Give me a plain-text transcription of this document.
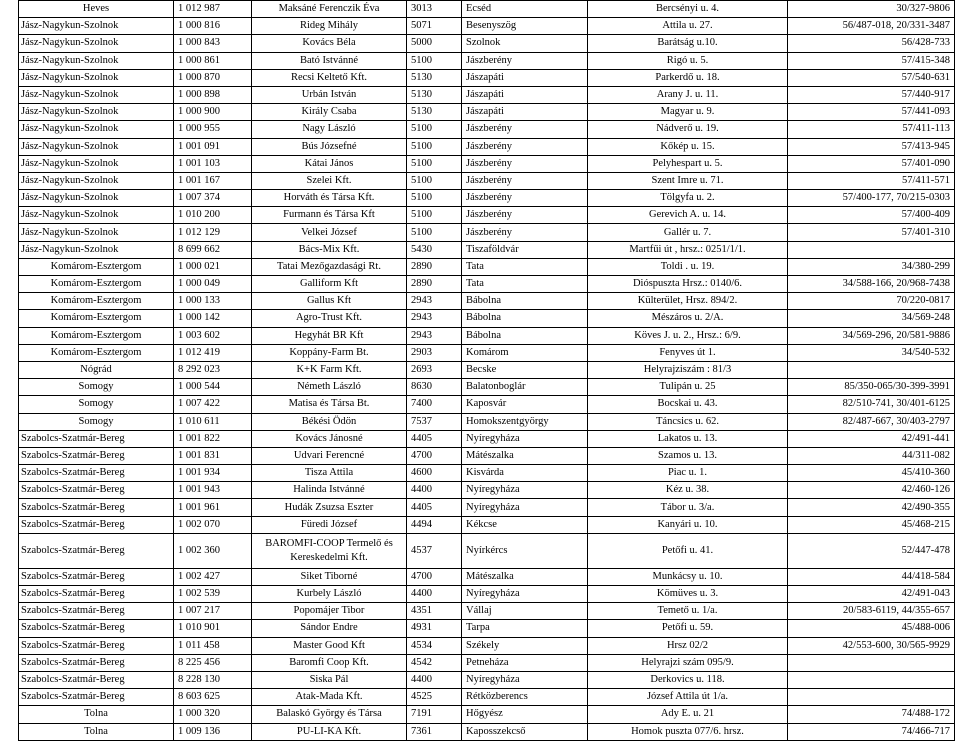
Heves	1 012 987	Maksáné Ferenczik Éva	3013	Ecséd	Bercsényi u. 4.	30/327-9806
Jász-Nagykun-Szolnok	1 000 816	Rideg Mihály	5071	Besenyszög	Attila u. 27.	56/487-018, 20/331-3487
Jász-Nagykun-Szolnok	1 000 843	Kovács Béla	5000	Szolnok	Barátság u.10.	56/428-733
Jász-Nagykun-Szolnok	1 000 861	Bató Istvánné	5100	Jászberény	Rigó u. 5.	57/415-348
Jász-Nagykun-Szolnok	1 000 870	Recsi Keltető Kft.	5130	Jászapáti	Parkerdő u. 18.	57/540-631
Jász-Nagykun-Szolnok	1 000 898	Urbán István	5130	Jászapáti	Arany J. u. 11.	57/440-917
Jász-Nagykun-Szolnok	1 000 900	Király Csaba	5130	Jászapáti	Magyar u. 9.	57/441-093
Jász-Nagykun-Szolnok	1 000 955	Nagy László	5100	Jászberény	Nádverő u. 19.	57/411-113
Jász-Nagykun-Szolnok	1 001 091	Bús Józsefné	5100	Jászberény	Kőkép u. 15.	57/413-945
Jász-Nagykun-Szolnok	1 001 103	Kátai János	5100	Jászberény	Pelyhespart u. 5.	57/401-090
Jász-Nagykun-Szolnok	1 001 167	Szelei Kft.	5100	Jászberény	Szent Imre u. 71.	57/411-571
Jász-Nagykun-Szolnok	1 007 374	Horváth és Társa Kft.	5100	Jászberény	Tölgyfa u. 2.	57/400-177, 70/215-0303
Jász-Nagykun-Szolnok	1 010 200	Furmann és Társa Kft	5100	Jászberény	Gerevich A. u. 14.	57/400-409
Jász-Nagykun-Szolnok	1 012 129	Velkei József	5100	Jászberény	Gallér u. 7.	57/401-310
Jász-Nagykun-Szolnok	8 699 662	Bács-Mix Kft.	5430	Tiszaföldvár	Martfűi út , hrsz.: 0251/1/1.	
Komárom-Esztergom	1 000 021	Tatai Mezőgazdasági Rt.	2890	Tata	Toldi . u. 19.	34/380-299
Komárom-Esztergom	1 000 049	Galliform Kft	2890	Tata	Dióspuszta Hrsz.: 0140/6.	34/588-166, 20/968-7438
Komárom-Esztergom	1 000 133	Gallus Kft	2943	Bábolna	Külterület, Hrsz. 894/2.	70/220-0817
Komárom-Esztergom	1 000 142	Agro-Trust Kft.	2943	Bábolna	Mészáros u. 2/A.	34/569-248
Komárom-Esztergom	1 003 602	Hegyhát BR Kft	2943	Bábolna	Köves J. u. 2., Hrsz.: 6/9.	34/569-296, 20/581-9886
Komárom-Esztergom	1 012 419	Koppány-Farm Bt.	2903	Komárom	Fenyves út 1.	34/540-532
Nógrád	8 292 023	K+K Farm Kft.	2693	Becske	Helyrajziszám : 81/3	
Somogy	1 000 544	Németh László	8630	Balatonboglár	Tulipán u. 25	85/350-065/30-399-3991
Somogy	1 007 422	Matisa és Társa Bt.	7400	Kaposvár	Bocskai u. 43.	82/510-741, 30/401-6125
Somogy	1 010 611	Békési Ödön	7537	Homokszentgyörgy	Táncsics u. 62.	82/487-667, 30/403-2797
Szabolcs-Szatmár-Bereg	1 001 822	Kovács Jánosné	4405	Nyíregyháza	Lakatos u. 13.	42/491-441
Szabolcs-Szatmár-Bereg	1 001 831	Udvari Ferencné	4700	Mátészalka	Szamos u. 13.	44/311-082
Szabolcs-Szatmár-Bereg	1 001 934	Tisza Attila	4600	Kisvárda	Piac u. 1.	45/410-360
Szabolcs-Szatmár-Bereg	1 001 943	Halinda Istvánné	4400	Nyíregyháza	Kéz u. 38.	42/460-126
Szabolcs-Szatmár-Bereg	1 001 961	Hudák Zsuzsa Eszter	4405	Nyíregyháza	Tábor u. 3/a.	42/490-355
Szabolcs-Szatmár-Bereg	1 002 070	Füredi József	4494	Kékcse	Kanyári u. 10.	45/468-215
Szabolcs-Szatmár-Bereg	1 002 360	BAROMFI-COOP Termelő és Kereskedelmi Kft.	4537	Nyírkércs	Petőfi u. 41.	52/447-478
Szabolcs-Szatmár-Bereg	1 002 427	Siket Tiborné	4700	Mátészalka	Munkácsy u. 10.	44/418-584
Szabolcs-Szatmár-Bereg	1 002 539	Kurbely László	4400	Nyíregyháza	Kömüves u. 3.	42/491-043
Szabolcs-Szatmár-Bereg	1 007 217	Popomájer Tibor	4351	Vállaj	Temető u. 1/a.	20/583-6119, 44/355-657
Szabolcs-Szatmár-Bereg	1 010 901	Sándor Endre	4931	Tarpa	Petőfi u. 59.	45/488-006
Szabolcs-Szatmár-Bereg	1 011 458	Master Good Kft	4534	Székely	Hrsz 02/2	42/553-600, 30/565-9929
Szabolcs-Szatmár-Bereg	8 225 456	Baromfi Coop Kft.	4542	Petneháza	Helyrajzi szám 095/9.	
Szabolcs-Szatmár-Bereg	8 228 130	Siska Pál	4400	Nyíregyháza	Derkovics u. 118.	
Szabolcs-Szatmár-Bereg	8 603 625	Atak-Mada Kft.	4525	Rétközberencs	József Attila út 1/a.	
Tolna	1 000 320	Balaskó György és Társa	7191	Hőgyész	Ady E. u. 21	74/488-172
Tolna	1 009 136	PU-LI-KA Kft.	7361	Kaposszekcső	Homok puszta 077/6. hrsz.	74/466-717
